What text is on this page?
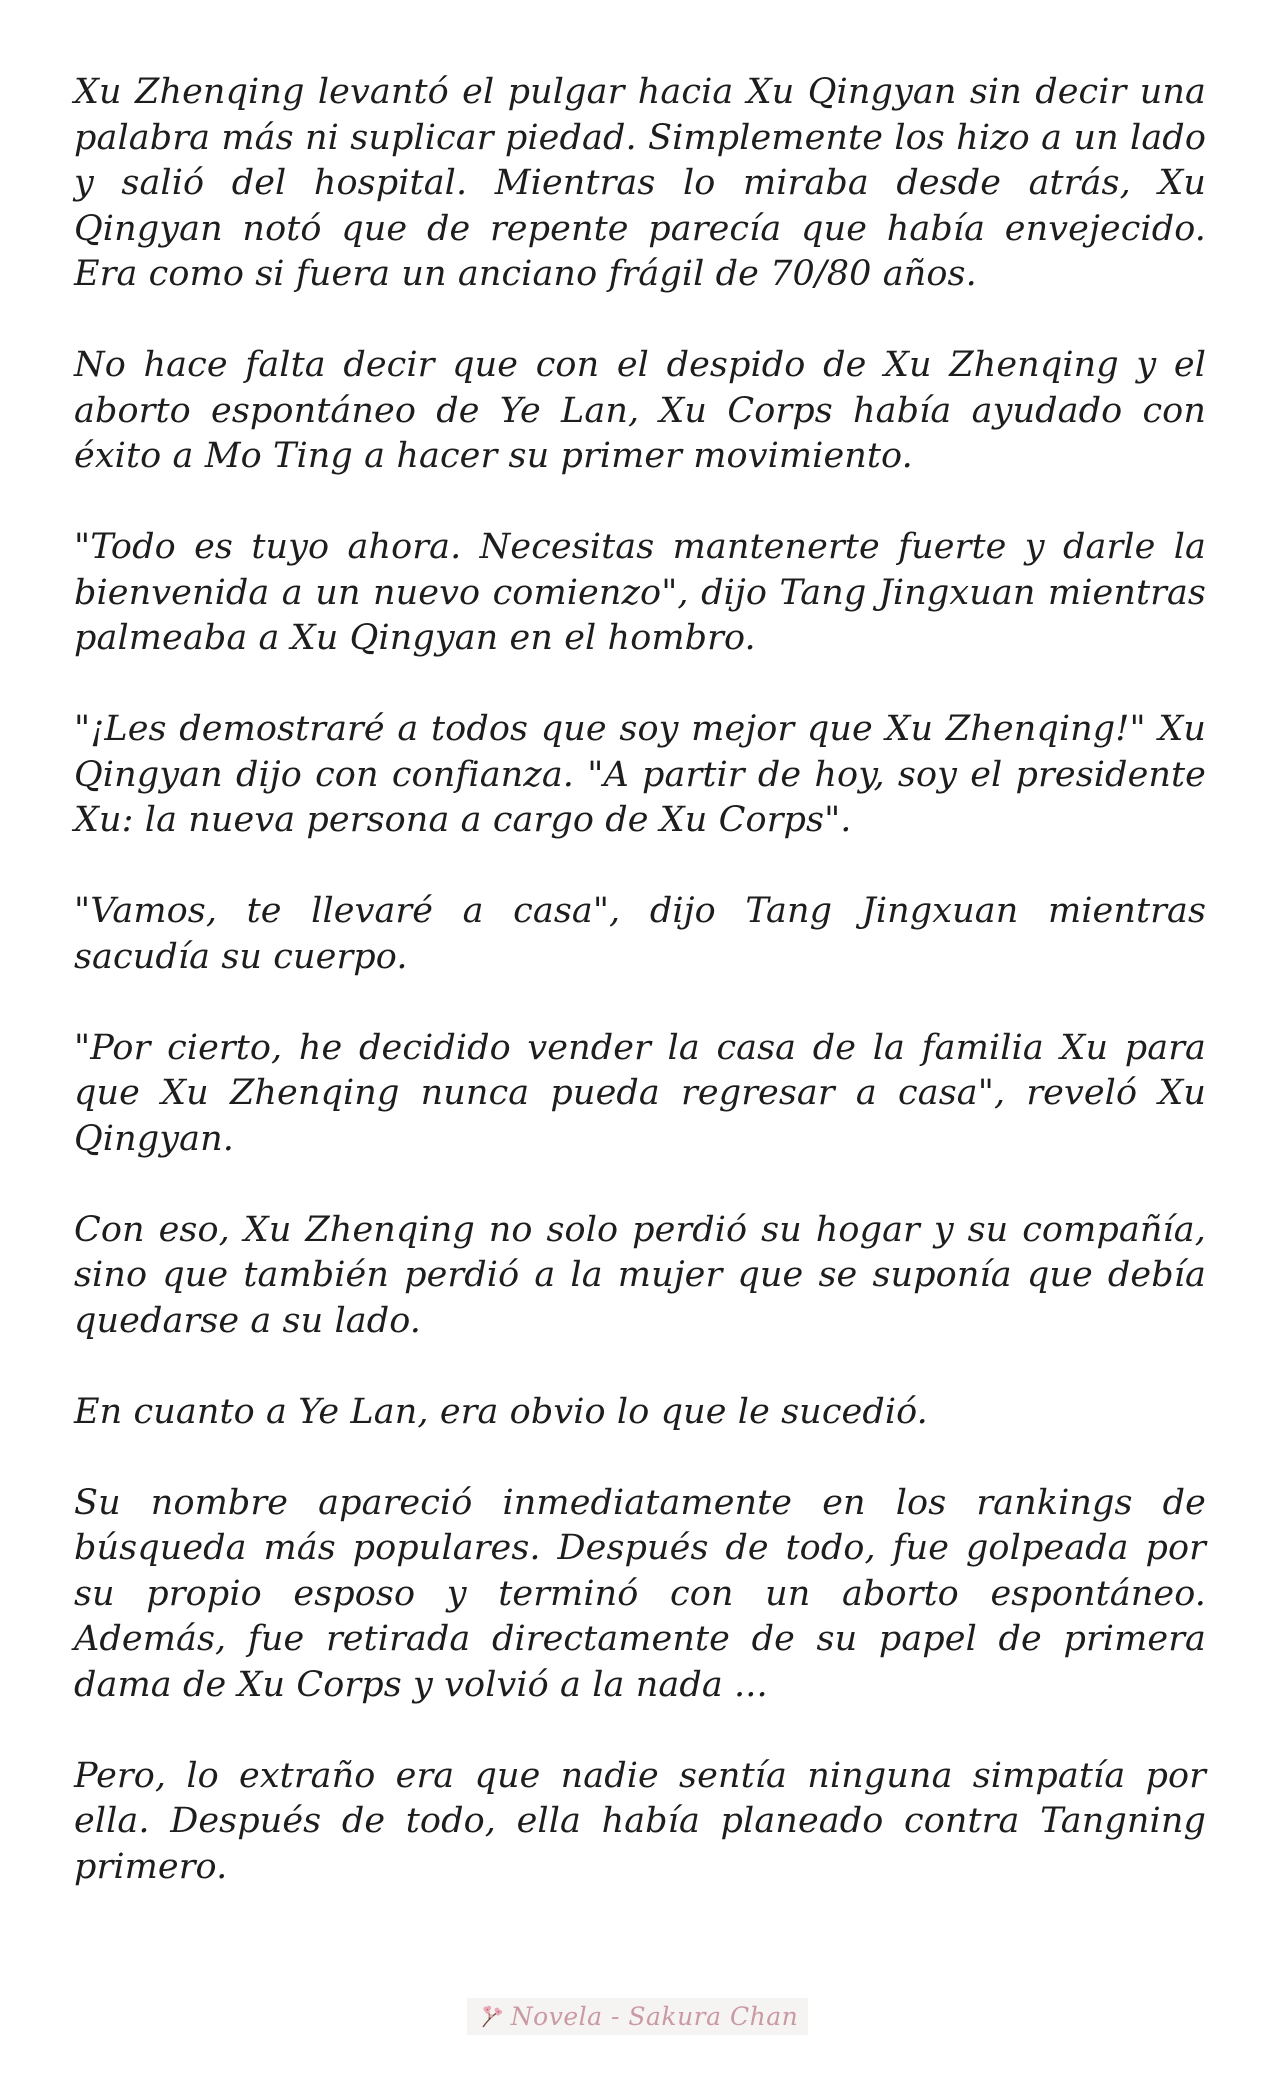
Xu Zhenqing levantó el pulgar hacia Xu Qingyan sin decir una palabra más ni suplicar piedad. Simplemente los hizo a un lado y salió del hospital. Mientras lo miraba desde atrás, Xu Qingyan notó que de repente parecía que había envejecido. Era como si fuera un anciano frágil de 70/80 años.

No hace falta decir que con el despido de Xu Zhenqing y el aborto espontáneo de Ye Lan, Xu Corps había ayudado con éxito a Mo Ting a hacer su primer movimiento.

"Todo es tuyo ahora. Necesitas mantenerte fuerte y darle la bienvenida a un nuevo comienzo", dijo Tang Jingxuan mientras palmeaba a Xu Qingyan en el hombro.

"¡Les demostraré a todos que soy mejor que Xu Zhenqing!" Xu Qingyan dijo con confianza. "A partir de hoy, soy el presidente Xu: la nueva persona a cargo de Xu Corps".

"Vamos, te llevaré a casa", dijo Tang Jingxuan mientras sacudía su cuerpo.

"Por cierto, he decidido vender la casa de la familia Xu para que Xu Zhenqing nunca pueda regresar a casa", reveló Xu Qingyan.

Con eso, Xu Zhenqing no solo perdió su hogar y su compañía, sino que también perdió a la mujer que se suponía que debía quedarse a su lado.

En cuanto a Ye Lan, era obvio lo que le sucedió.

Su nombre apareció inmediatamente en los rankings de búsqueda más populares. Después de todo, fue golpeada por su propio esposo y terminó con un aborto espontáneo. Además, fue retirada directamente de su papel de primera dama de Xu Corps y volvió a la nada ...

Pero, lo extraño era que nadie sentía ninguna simpatía por ella. Después de todo, ella había planeado contra Tangning primero.

Novela - Sakura Chan
